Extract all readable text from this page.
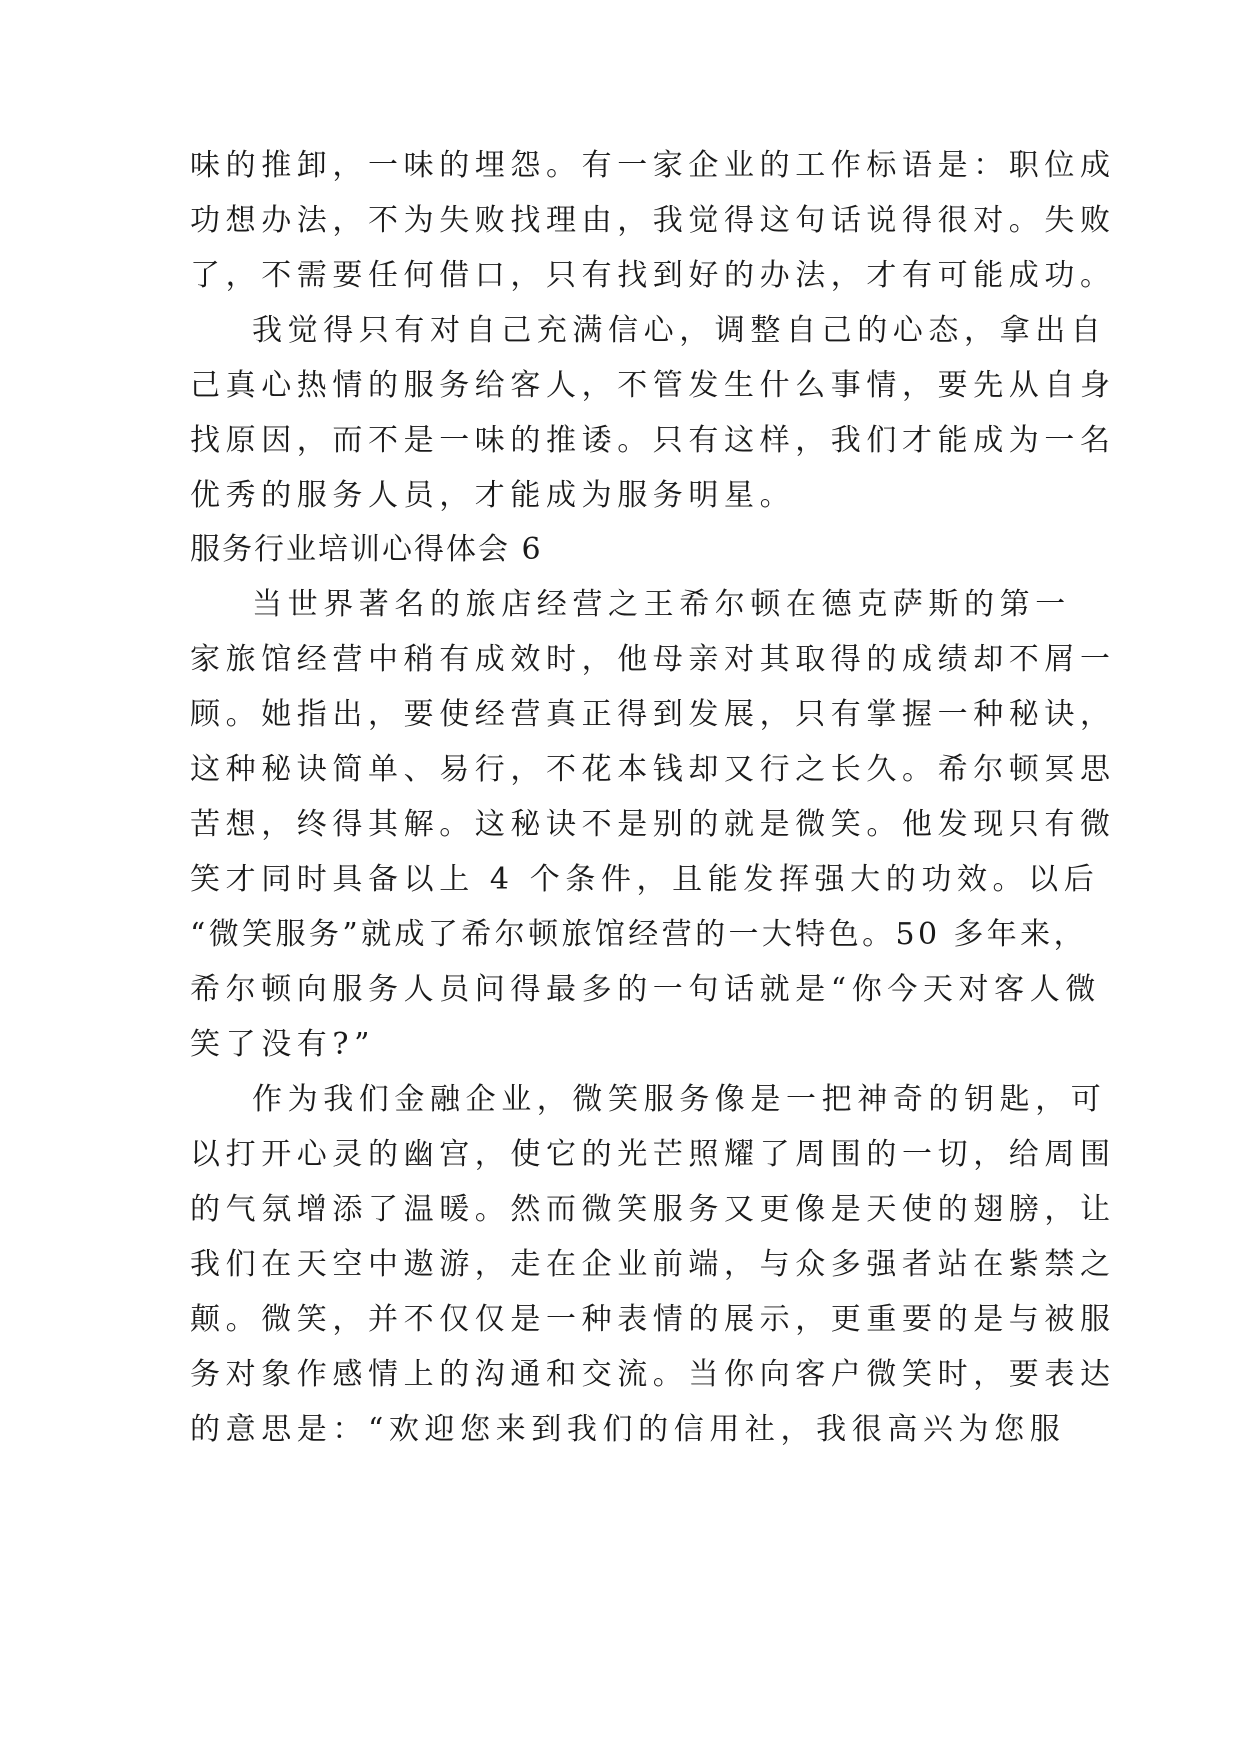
味的推卸，一味的埋怨。有一家企业的工作标语是：职位成
功想办法，不为失败找理由，我觉得这句话说得很对。失败
了，不需要任何借口，只有找到好的办法，才有可能成功。
我觉得只有对自己充满信心，调整自己的心态，拿出自
己真心热情的服务给客人，不管发生什么事情，要先从自身
找原因，而不是一味的推诿。只有这样，我们才能成为一名
优秀的服务人员，才能成为服务明星。
服务行业培训心得体会 6
当世界著名的旅店经营之王希尔顿在德克萨斯的第一
家旅馆经营中稍有成效时，他母亲对其取得的成绩却不屑一
顾。她指出，要使经营真正得到发展，只有掌握一种秘诀，
这种秘诀简单、易行，不花本钱却又行之长久。希尔顿冥思
苦想，终得其解。这秘诀不是别的就是微笑。他发现只有微
笑才同时具备以上 4 个条件，且能发挥强大的功效。以后
“微笑服务”就成了希尔顿旅馆经营的一大特色。50 多年来，
希尔顿向服务人员问得最多的一句话就是“你今天对客人微
笑了没有?”
作为我们金融企业，微笑服务像是一把神奇的钥匙，可
以打开心灵的幽宫，使它的光芒照耀了周围的一切，给周围
的气氛增添了温暖。然而微笑服务又更像是天使的翅膀，让
我们在天空中遨游，走在企业前端，与众多强者站在紫禁之
颠。微笑，并不仅仅是一种表情的展示，更重要的是与被服
务对象作感情上的沟通和交流。当你向客户微笑时，要表达
的意思是：“欢迎您来到我们的信用社，我很高兴为您服
